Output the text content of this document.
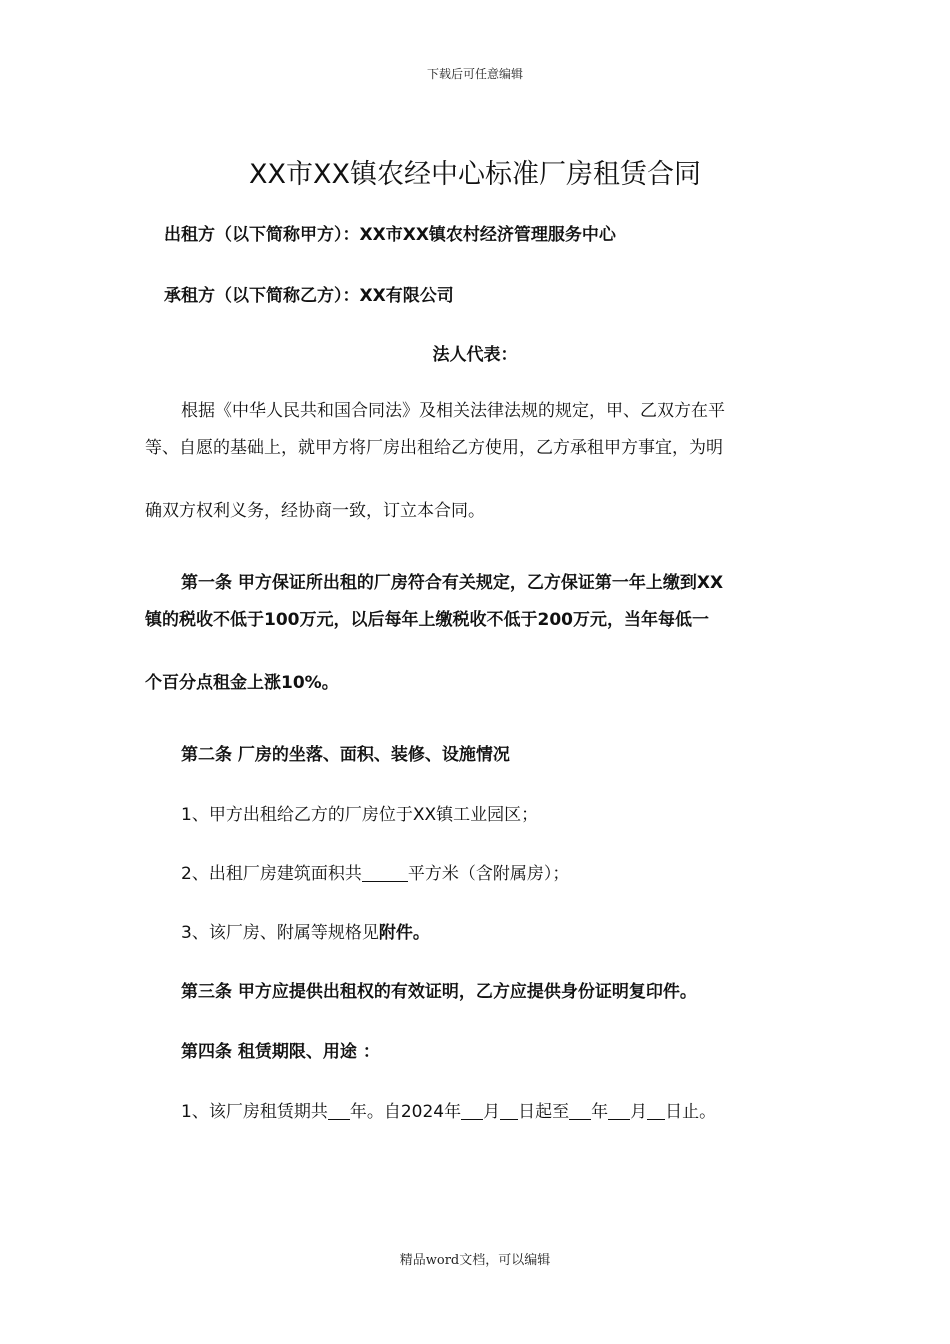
下载后可任意编辑
XX市XX镇农经中心标准厂房租赁合同
出租方（以下简称甲方）：XX市XX镇农村经济管理服务中心
承租方（以下简称乙方）：XX有限公司
法人代表：
根据《中华人民共和国合同法》及相关法律法规的规定，甲、乙双方在平
等、自愿的基础上，就甲方将厂房出租给乙方使用，乙方承租甲方事宜，为明
确双方权利义务，经协商一致，订立本合同。
第一条 甲方保证所出租的厂房符合有关规定，乙方保证第一年上缴到XX
镇的税收不低于100万元，以后每年上缴税收不低于200万元，当年每低一
个百分点租金上涨10%。
第二条 厂房的坐落、面积、装修、设施情况
1、甲方出租给乙方的厂房位于XX镇工业园区；
2、出租厂房建筑面积共	平方米（含附属房）；
3、该厂房、附属等规格见附件。
第三条 甲方应提供出租权的有效证明，乙方应提供身份证明复印件。
第四条 租赁期限、用途 ：
1、该厂房租赁期共 年。自2024年 月 日起至 年 月 日止。
精品word文档，可以编辑
